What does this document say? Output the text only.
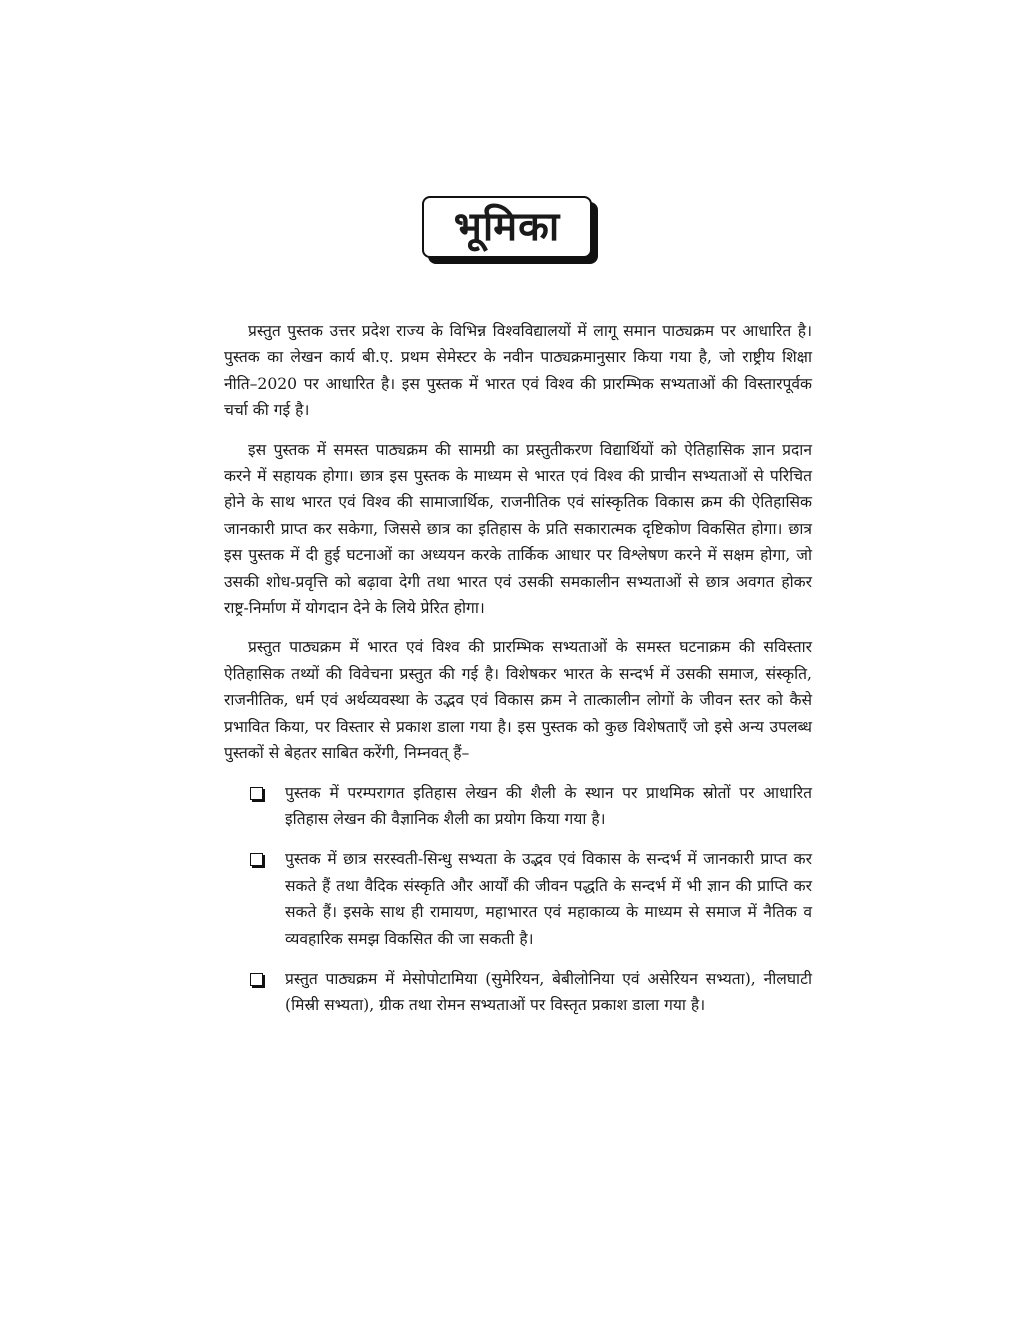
भूमिका

प्रस्तुत पुस्तक उत्तर प्रदेश राज्य के विभिन्न विश्वविद्यालयों में लागू समान पाठ्यक्रम पर आधारित है। पुस्तक का लेखन कार्य बी.ए. प्रथम सेमेस्टर के नवीन पाठ्यक्रमानुसार किया गया है, जो राष्ट्रीय शिक्षा नीति–2020 पर आधारित है। इस पुस्तक में भारत एवं विश्व की प्रारम्भिक सभ्यताओं की विस्तारपूर्वक चर्चा की गई है।

इस पुस्तक में समस्त पाठ्यक्रम की सामग्री का प्रस्तुतीकरण विद्यार्थियों को ऐतिहासिक ज्ञान प्रदान करने में सहायक होगा। छात्र इस पुस्तक के माध्यम से भारत एवं विश्व की प्राचीन सभ्यताओं से परिचित होने के साथ भारत एवं विश्व की सामाजार्थिक, राजनीतिक एवं सांस्कृतिक विकास क्रम की ऐतिहासिक जानकारी प्राप्त कर सकेगा, जिससे छात्र का इतिहास के प्रति सकारात्मक दृष्टिकोण विकसित होगा। छात्र इस पुस्तक में दी हुई घटनाओं का अध्ययन करके तार्किक आधार पर विश्लेषण करने में सक्षम होगा, जो उसकी शोध-प्रवृत्ति को बढ़ावा देगी तथा भारत एवं उसकी समकालीन सभ्यताओं से छात्र अवगत होकर राष्ट्र-निर्माण में योगदान देने के लिये प्रेरित होगा।

प्रस्तुत पाठ्यक्रम में भारत एवं विश्व की प्रारम्भिक सभ्यताओं के समस्त घटनाक्रम की सविस्तार ऐतिहासिक तथ्यों की विवेचना प्रस्तुत की गई है। विशेषकर भारत के सन्दर्भ में उसकी समाज, संस्कृति, राजनीतिक, धर्म एवं अर्थव्यवस्था के उद्भव एवं विकास क्रम ने तात्कालीन लोगों के जीवन स्तर को कैसे प्रभावित किया, पर विस्तार से प्रकाश डाला गया है। इस पुस्तक को कुछ विशेषताएँ जो इसे अन्य उपलब्ध पुस्तकों से बेहतर साबित करेंगी, निम्नवत् हैं–

पुस्तक में परम्परागत इतिहास लेखन की शैली के स्थान पर प्राथमिक स्रोतों पर आधारित इतिहास लेखन की वैज्ञानिक शैली का प्रयोग किया गया है।
पुस्तक में छात्र सरस्वती-सिन्धु सभ्यता के उद्भव एवं विकास के सन्दर्भ में जानकारी प्राप्त कर सकते हैं तथा वैदिक संस्कृति और आर्यों की जीवन पद्धति के सन्दर्भ में भी ज्ञान की प्राप्ति कर सकते हैं। इसके साथ ही रामायण, महाभारत एवं महाकाव्य के माध्यम से समाज में नैतिक व व्यवहारिक समझ विकसित की जा सकती है।
प्रस्तुत पाठ्यक्रम में मेसोपोटामिया (सुमेरियन, बेबीलोनिया एवं असेरियन सभ्यता), नीलघाटी (मिस्री सभ्यता), ग्रीक तथा रोमन सभ्यताओं पर विस्तृत प्रकाश डाला गया है।
